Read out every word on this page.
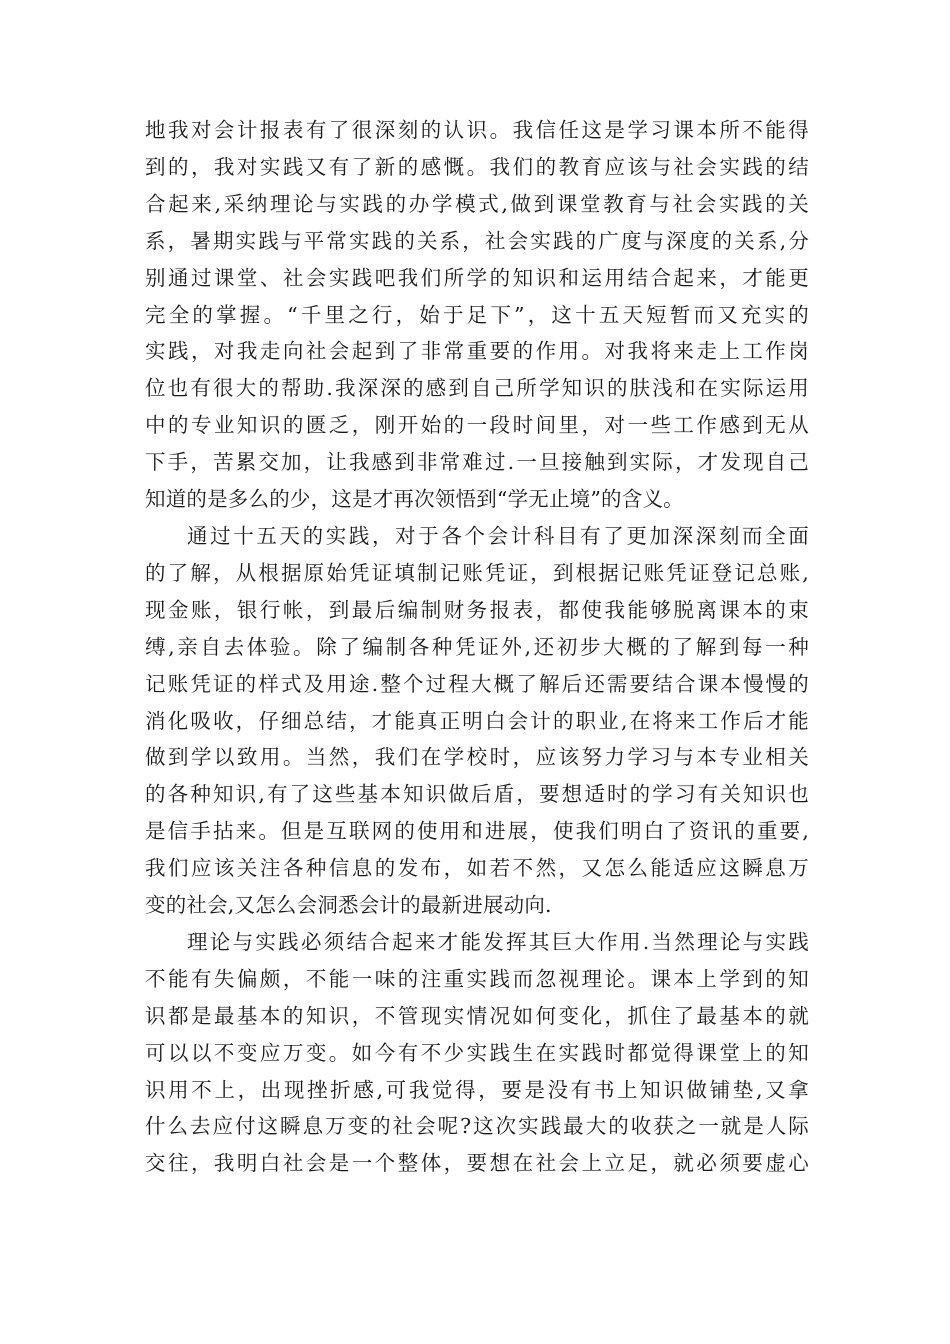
地我对会计报表有了很深刻的认识。我信任这是学习课本所不能得
到的，我对实践又有了新的感慨。我们的教育应该与社会实践的结
合起来,采纳理论与实践的办学模式,做到课堂教育与社会实践的关
系，暑期实践与平常实践的关系，社会实践的广度与深度的关系,分
别通过课堂、社会实践吧我们所学的知识和运用结合起来，才能更
完全的掌握。“千里之行，始于足下”，这十五天短暂而又充实的
实践，对我走向社会起到了非常重要的作用。对我将来走上工作岗
位也有很大的帮助.我深深的感到自己所学知识的肤浅和在实际运用
中的专业知识的匮乏，刚开始的一段时间里，对一些工作感到无从
下手，苦累交加，让我感到非常难过.一旦接触到实际，才发现自己
知道的是多么的少，这是才再次领悟到“学无止境”的含义。
通过十五天的实践，对于各个会计科目有了更加深深刻而全面
的了解，从根据原始凭证填制记账凭证，到根据记账凭证登记总账,
现金账，银行帐，到最后编制财务报表，都使我能够脱离课本的束
缚,亲自去体验。除了编制各种凭证外,还初步大概的了解到每一种
记账凭证的样式及用途.整个过程大概了解后还需要结合课本慢慢的
消化吸收，仔细总结，才能真正明白会计的职业,在将来工作后才能
做到学以致用。当然，我们在学校时，应该努力学习与本专业相关
的各种知识,有了这些基本知识做后盾，要想适时的学习有关知识也
是信手拈来。但是互联网的使用和进展，使我们明白了资讯的重要,
我们应该关注各种信息的发布，如若不然，又怎么能适应这瞬息万
变的社会,又怎么会洞悉会计的最新进展动向.
理论与实践必须结合起来才能发挥其巨大作用.当然理论与实践
不能有失偏颇，不能一味的注重实践而忽视理论。课本上学到的知
识都是最基本的知识，不管现实情况如何变化，抓住了最基本的就
可以以不变应万变。如今有不少实践生在实践时都觉得课堂上的知
识用不上，出现挫折感,可我觉得，要是没有书上知识做铺垫,又拿
什么去应付这瞬息万变的社会呢?这次实践最大的收获之一就是人际
交往，我明白社会是一个整体，要想在社会上立足，就必须要虚心
